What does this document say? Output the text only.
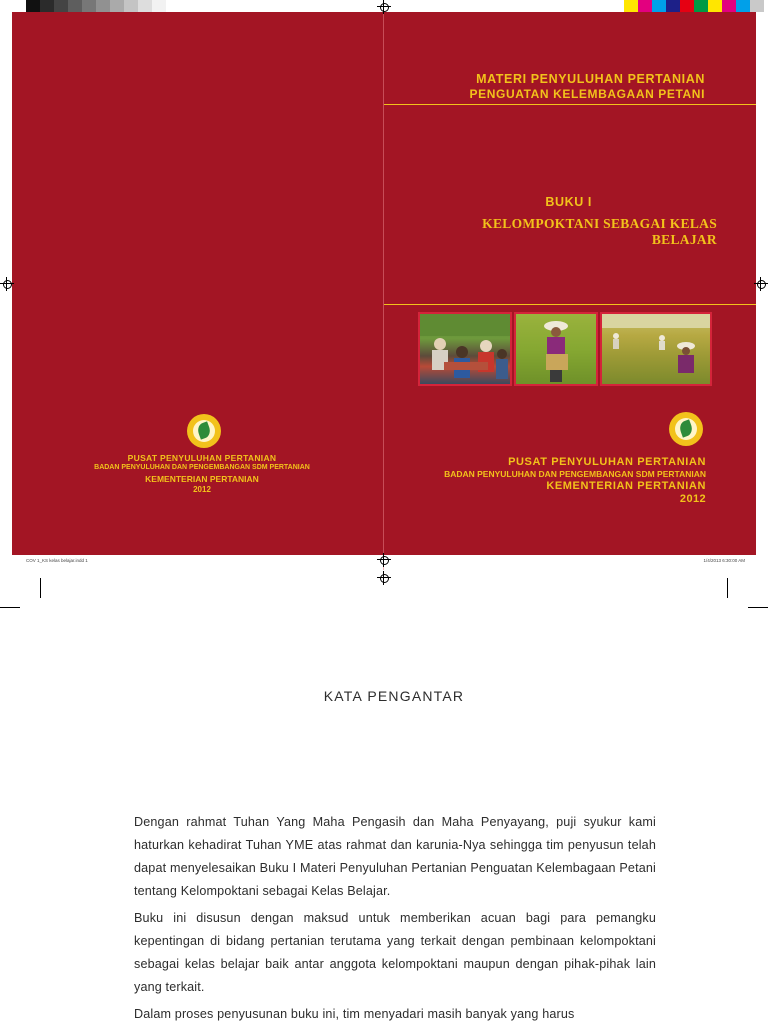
PUSAT PENYULUHAN PERTANIAN
BADAN PENYULUHAN DAN PENGEMBANGAN SDM PERTANIAN
KEMENTERIAN PERTANIAN
2012
MATERI PENYULUHAN PERTANIAN
PENGUATAN KELEMBAGAAN PETANI
BUKU I
KELOMPOKTANI SEBAGAI KELAS BELAJAR
PUSAT PENYULUHAN PERTANIAN
BADAN PENYULUHAN DAN PENGEMBANGAN SDM PERTANIAN
KEMENTERIAN PERTANIAN
2012
COV 1_KS kelas belajar.indd 1	1/4/2013 6:30:00 AM
KATA PENGANTAR
Dengan rahmat Tuhan Yang Maha Pengasih dan Maha Penyayang, puji syukur kami haturkan kehadirat Tuhan YME atas rahmat dan karunia-Nya sehingga tim penyusun telah dapat menyelesaikan Buku I Materi Penyuluhan Pertanian Penguatan Kelembagaan Petani tentang Kelompoktani sebagai Kelas Belajar.
Buku ini disusun dengan maksud untuk memberikan acuan bagi para pemangku kepentingan di bidang pertanian terutama yang terkait dengan pembinaan kelompoktani sebagai kelas belajar baik antar anggota kelompoktani maupun dengan pihak-pihak lain yang terkait.
Dalam proses penyusunan buku ini, tim menyadari masih banyak yang harus
